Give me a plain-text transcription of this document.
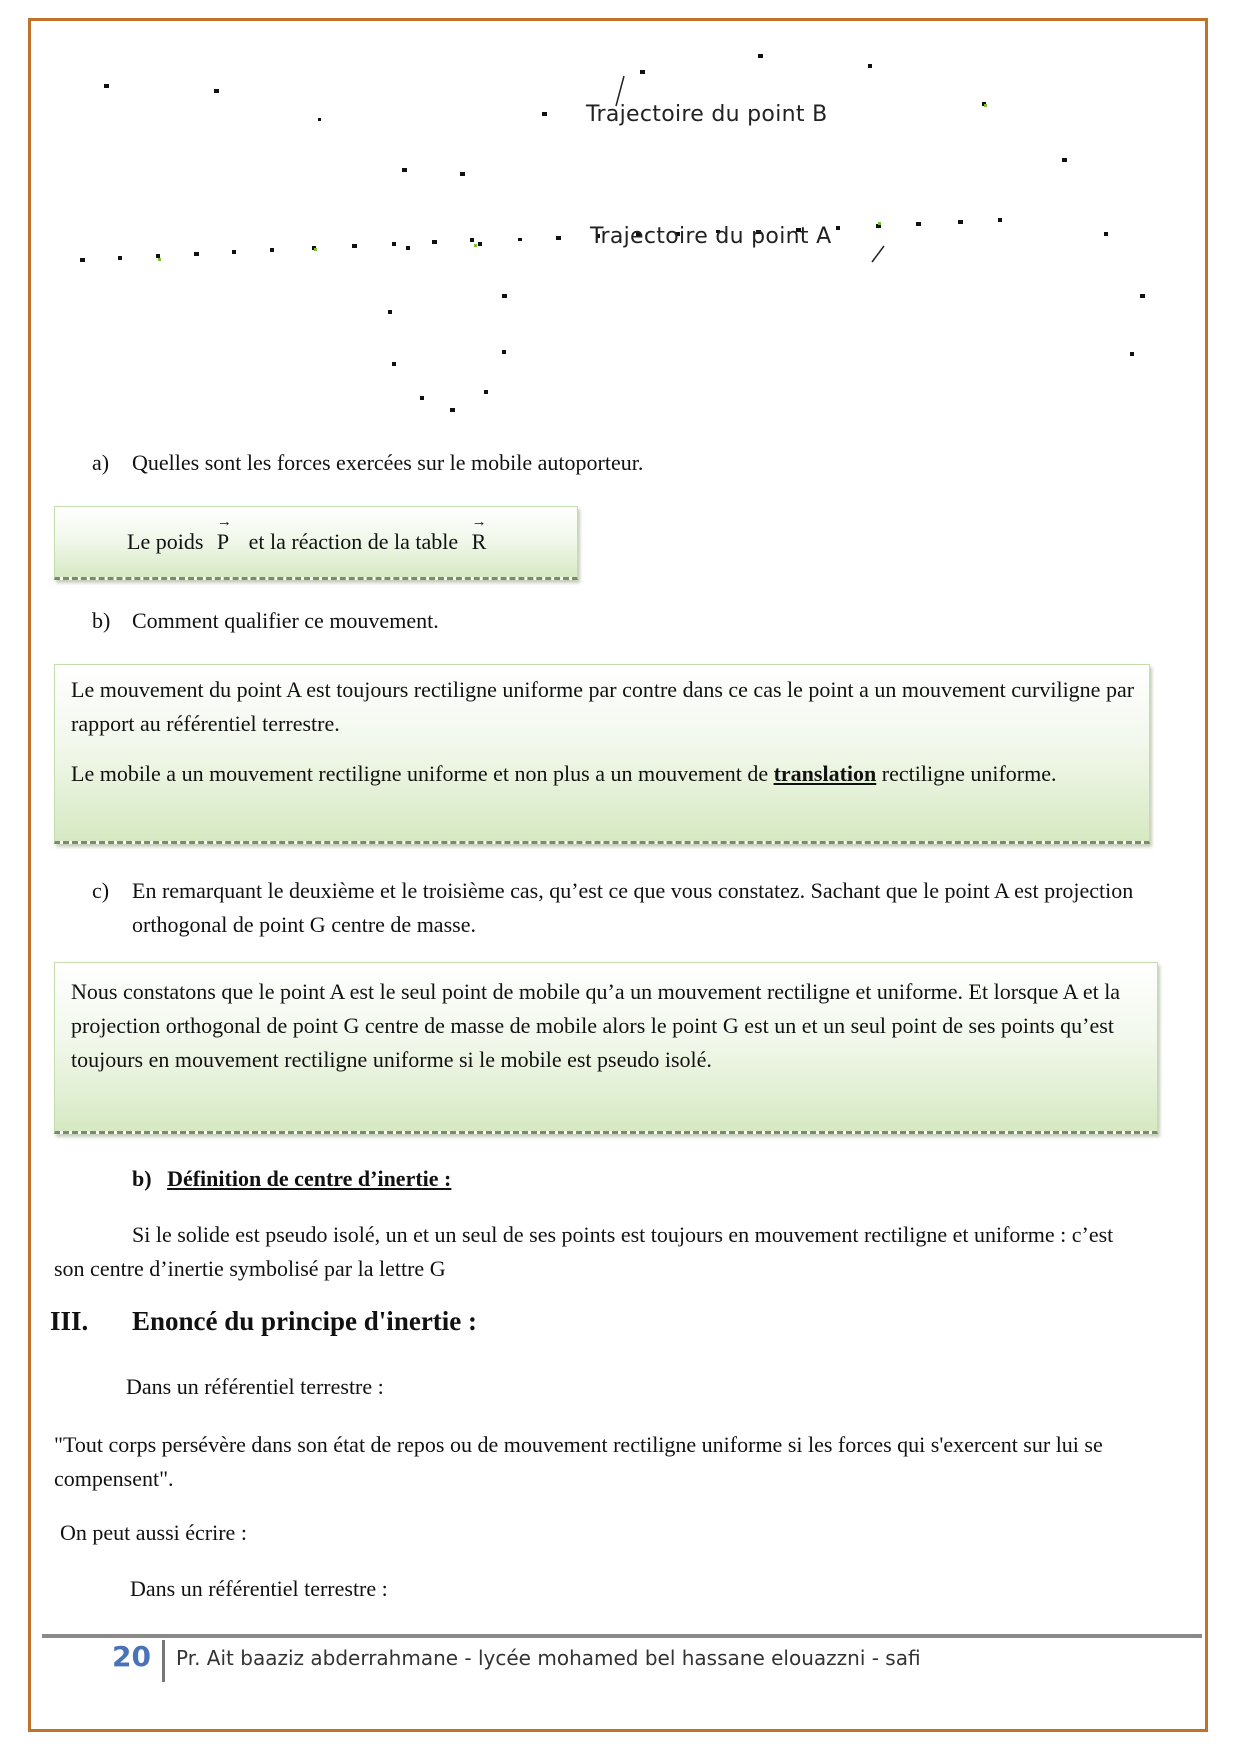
Trajectoire du point B
Trajectoire du point A
a) Quelles sont les forces exercées sur le mobile autoporteur.
Le poids → P et la réaction de la table → R
b) Comment qualifier ce mouvement.

Le mouvement du point A est toujours rectiligne uniforme par contre dans ce cas le point a un mouvement curviligne par rapport au référentiel terrestre.

Le mobile a un mouvement rectiligne uniforme et non plus a un mouvement de translation rectiligne uniforme.

c)	En remarquant le deuxième et le troisième cas, qu’est ce que vous constatez. Sachant que le point A est projection orthogonal de point G centre de masse.

Nous constatons que le point A est le seul point de mobile qu’a un mouvement rectiligne et uniforme. Et lorsque A et la projection orthogonal de point G centre de masse de mobile alors le point G est un et un seul point de ses points qu’est toujours en mouvement rectiligne uniforme si le mobile est pseudo isolé.

b) Définition de centre d’inertie :
Si le solide est pseudo isolé, un et un seul de ses points est toujours en mouvement rectiligne et uniforme : c’est son centre d’inertie symbolisé par la lettre G
III. Enoncé du principe d'inertie :
Dans un référentiel terrestre :
"Tout corps persévère dans son état de repos ou de mouvement rectiligne uniforme si les forces qui s'exercent sur lui se compensent".
On peut aussi écrire :
Dans un référentiel terrestre :
20 Pr. Ait baaziz abderrahmane - lycée mohamed bel hassane elouazzni - safi
